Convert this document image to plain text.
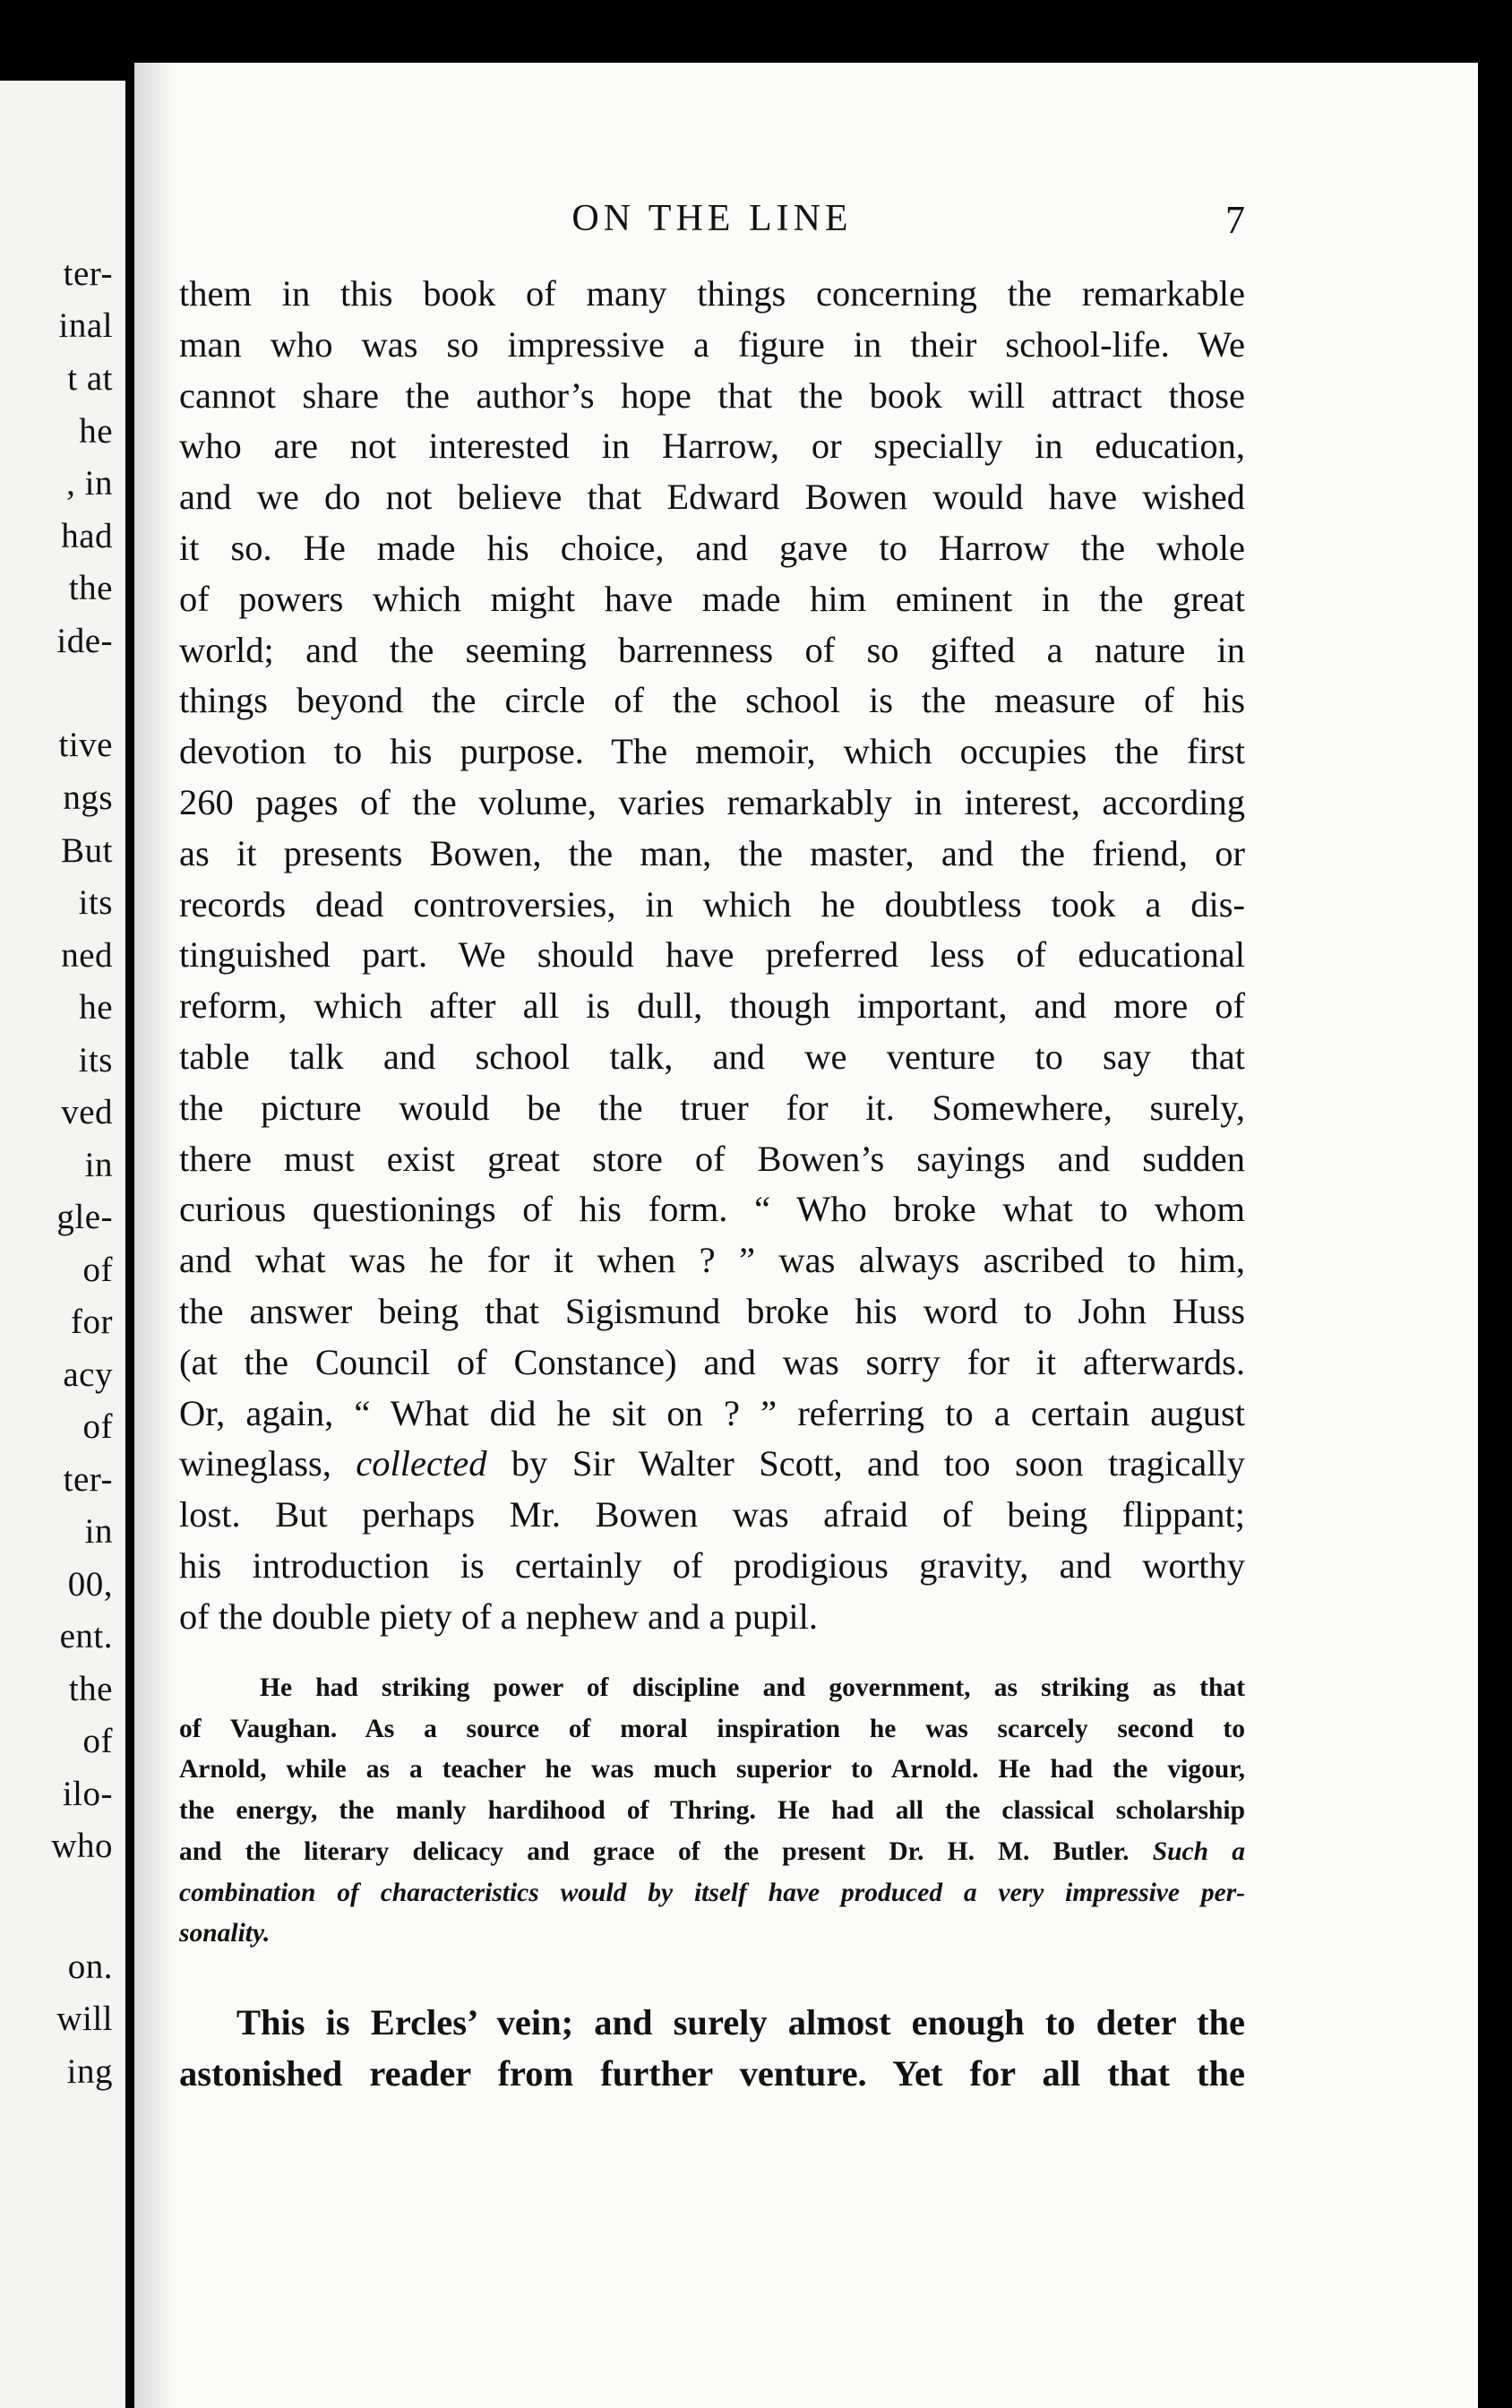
ter-
inal
t at
he
, in
had
the
ide-
tive
ngs
But
its
ned
he
its
ved
in
gle-
of
for
acy
of
ter-
in
00,
ent.
the
of
ilo-
who
on.
will
ing
ON THE LINE	7
them in this book of many things concerning the remarkable
man who was so impressive a figure in their school-life. We
cannot share the author’s hope that the book will attract those
who are not interested in Harrow, or specially in education,
and we do not believe that Edward Bowen would have wished
it so. He made his choice, and gave to Harrow the whole
of powers which might have made him eminent in the great
world; and the seeming barrenness of so gifted a nature in
things beyond the circle of the school is the measure of his
devotion to his purpose. The memoir, which occupies the first
260 pages of the volume, varies remarkably in interest, according
as it presents Bowen, the man, the master, and the friend, or
records dead controversies, in which he doubtless took a dis-
tinguished part. We should have preferred less of educational
reform, which after all is dull, though important, and more of
table talk and school talk, and we venture to say that
the picture would be the truer for it. Somewhere, surely,
there must exist great store of Bowen’s sayings and sudden
curious questionings of his form. “ Who broke what to whom
and what was he for it when ? ” was always ascribed to him,
the answer being that Sigismund broke his word to John Huss
(at the Council of Constance) and was sorry for it afterwards.
Or, again, “ What did he sit on ? ” referring to a certain august
wineglass, collected by Sir Walter Scott, and too soon tragically
lost. But perhaps Mr. Bowen was afraid of being flippant;
his introduction is certainly of prodigious gravity, and worthy
of the double piety of a nephew and a pupil.
He had striking power of discipline and government, as striking as that
of Vaughan. As a source of moral inspiration he was scarcely second to
Arnold, while as a teacher he was much superior to Arnold. He had the vigour,
the energy, the manly hardihood of Thring. He had all the classical scholarship
and the literary delicacy and grace of the present Dr. H. M. Butler. Such a
combination of characteristics would by itself have produced a very impressive per-
sonality.
This is Ercles’ vein; and surely almost enough to deter the
astonished reader from further venture. Yet for all that the
